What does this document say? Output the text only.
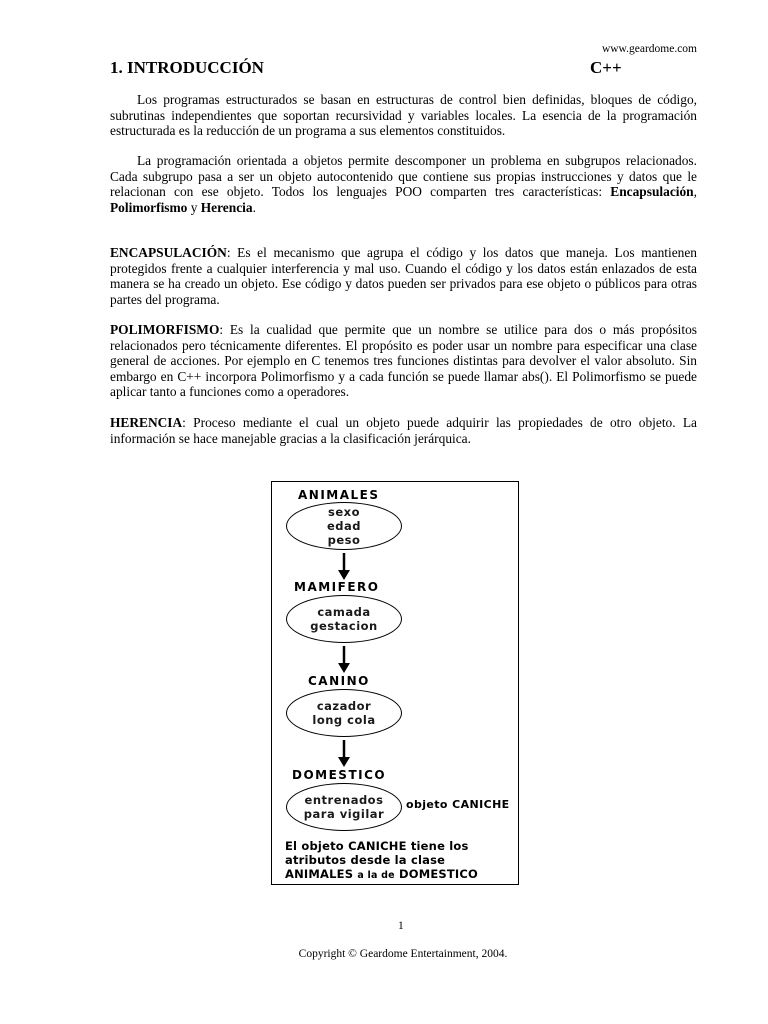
www.geardome.com
1. INTRODUCCIÓN	C++

Los programas estructurados se basan en estructuras de control bien definidas, bloques de código, subrutinas independientes que soportan recursividad y variables locales. La esencia de la programación estructurada es la reducción de un programa a sus elementos constituidos.

La programación orientada a objetos permite descomponer un problema en subgrupos relacionados. Cada subgrupo pasa a ser un objeto autocontenido que contiene sus propias instrucciones y datos que le relacionan con ese objeto. Todos los lenguajes POO comparten tres características: Encapsulación, Polimorfismo y Herencia.

ENCAPSULACIÓN: Es el mecanismo que agrupa el código y los datos que maneja. Los mantienen protegidos frente a cualquier interferencia y mal uso. Cuando el código y los datos están enlazados de esta manera se ha creado un objeto. Ese código y datos pueden ser privados para ese objeto o públicos para otras partes del programa.

POLIMORFISMO: Es la cualidad que permite que un nombre se utilice para dos o más propósitos relacionados pero técnicamente diferentes. El propósito es poder usar un nombre para especificar una clase general de acciones. Por ejemplo en C tenemos tres funciones distintas para devolver el valor absoluto. Sin embargo en C++ incorpora Polimorfismo y a cada función se puede llamar abs(). El Polimorfismo se puede aplicar tanto a funciones como a operadores.

HERENCIA: Proceso mediante el cual un objeto puede adquirir las propiedades de otro objeto. La información se hace manejable gracias a la clasificación jerárquica.

ANIMALES
sexo
edad
peso
MAMIFERO
camada
gestacion
CANINO
cazador
long cola
DOMESTICO
entrenados
para vigilar
objeto CANICHE
El objeto CANICHE tiene los
atributos desde la clase
ANIMALES a la de DOMESTICO
1
Copyright © Geardome Entertainment, 2004.
